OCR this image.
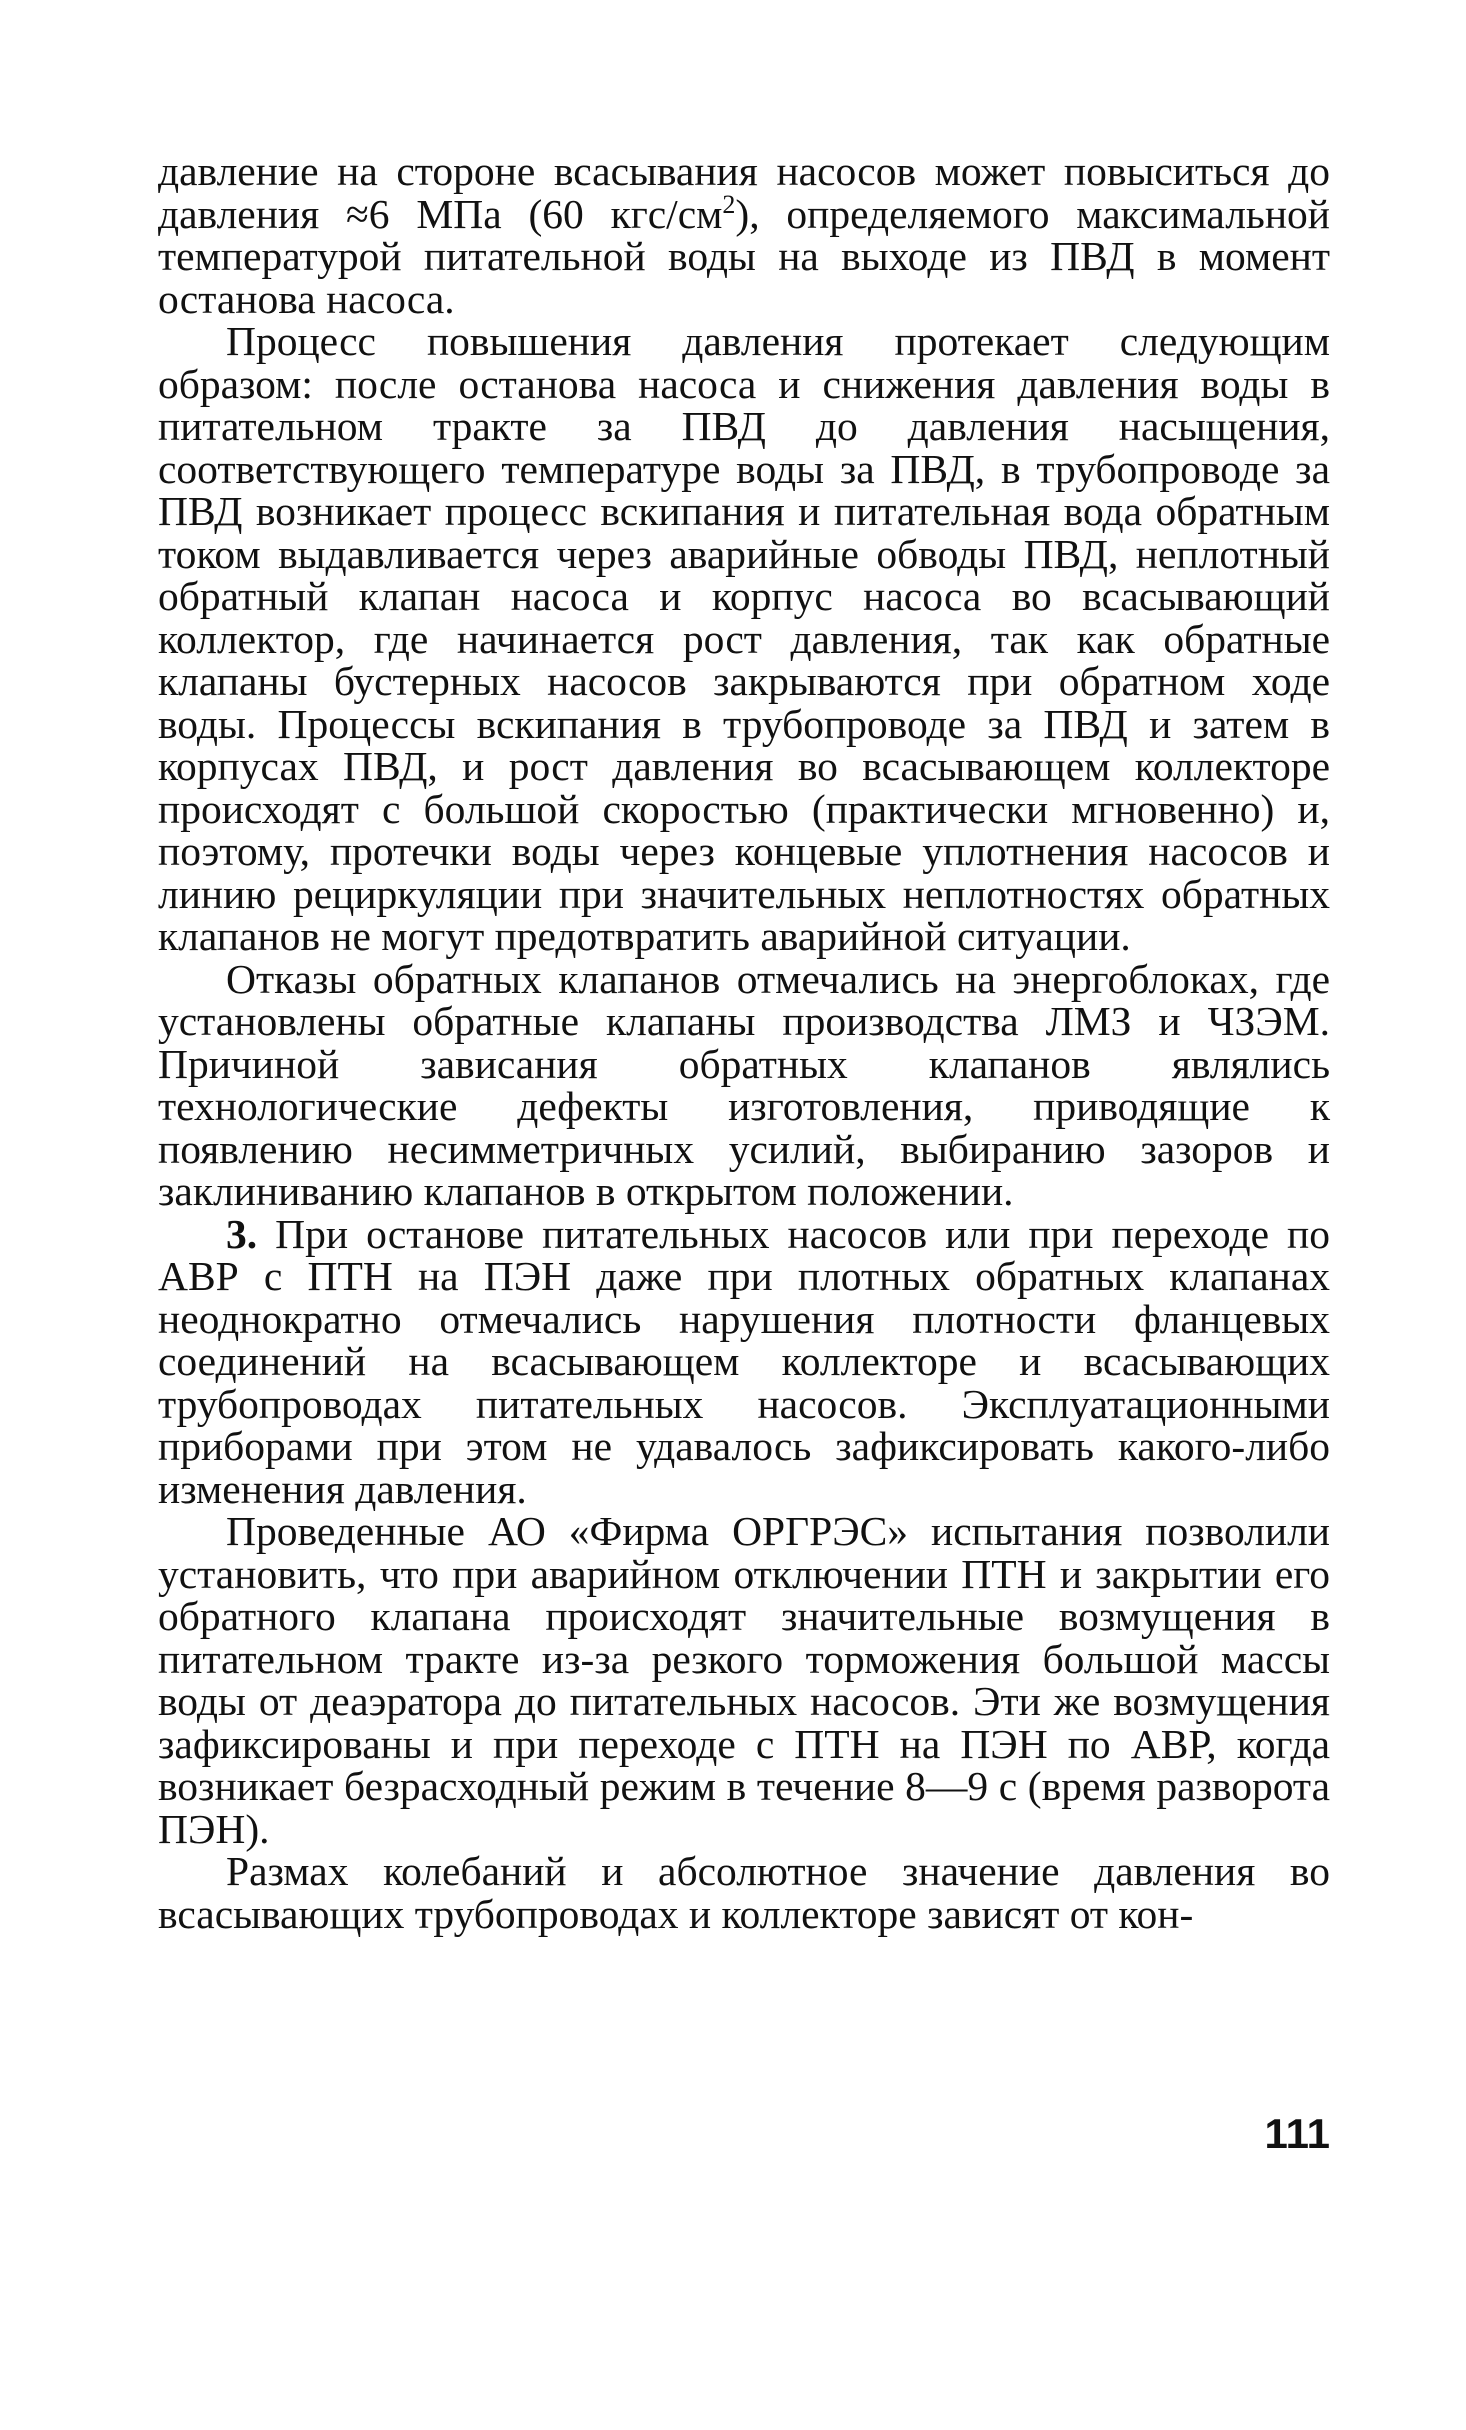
давление на стороне всасывания насосов может повыситься до давления ≈6 МПа (60 кгс/$см^2$), определяемого максимальной температурой питательной воды на выходе из ПВД в момент останова насоса.

Процесс повышения давления протекает следующим образом: после останова насоса и снижения давления воды в питательном тракте за ПВД до давления насыщения, соответствующего температуре воды за ПВД, в трубопроводе за ПВД возникает процесс вскипания и питательная вода обратным током выдавливается через аварийные обводы ПВД, неплотный обратный клапан насоса и корпус насоса во всасывающий коллектор, где начинается рост давления, так как обратные клапаны бустерных насосов закрываются при обратном ходе воды. Процессы вскипания в трубопроводе за ПВД и затем в корпусах ПВД, и рост давления во всасывающем коллекторе происходят с большой скоростью (практически мгновенно) и, поэтому, протечки воды через концевые уплотнения насосов и линию рециркуляции при значительных неплотностях обратных клапанов не могут предотвратить аварийной ситуации.

Отказы обратных клапанов отмечались на энергоблоках, где установлены обратные клапаны производства ЛМЗ и ЧЗЭМ. Причиной зависания обратных клапанов являлись технологические дефекты изготовления, приводящие к появлению несимметричных усилий, выбиранию зазоров и заклиниванию клапанов в открытом положении.

3. При останове питательных насосов или при переходе по АВР с ПТН на ПЭН даже при плотных обратных клапанах неоднократно отмечались нарушения плотности фланцевых соединений на всасывающем коллекторе и всасывающих трубопроводах питательных насосов. Эксплуатационными приборами при этом не удавалось зафиксировать какого-либо изменения давления.

Проведенные АО «Фирма ОРГРЭС» испытания позволили установить, что при аварийном отключении ПТН и закрытии его обратного клапана происходят значительные возмущения в питательном тракте из-за резкого торможения большой массы воды от деаэратора до питательных насосов. Эти же возмущения зафиксированы и при переходе с ПТН на ПЭН по АВР, когда возникает безрасходный режим в течение 8—9 с (время разворота ПЭН).

Размах колебаний и абсолютное значение давления во всасывающих трубопроводах и коллекторе зависят от кон-

111
